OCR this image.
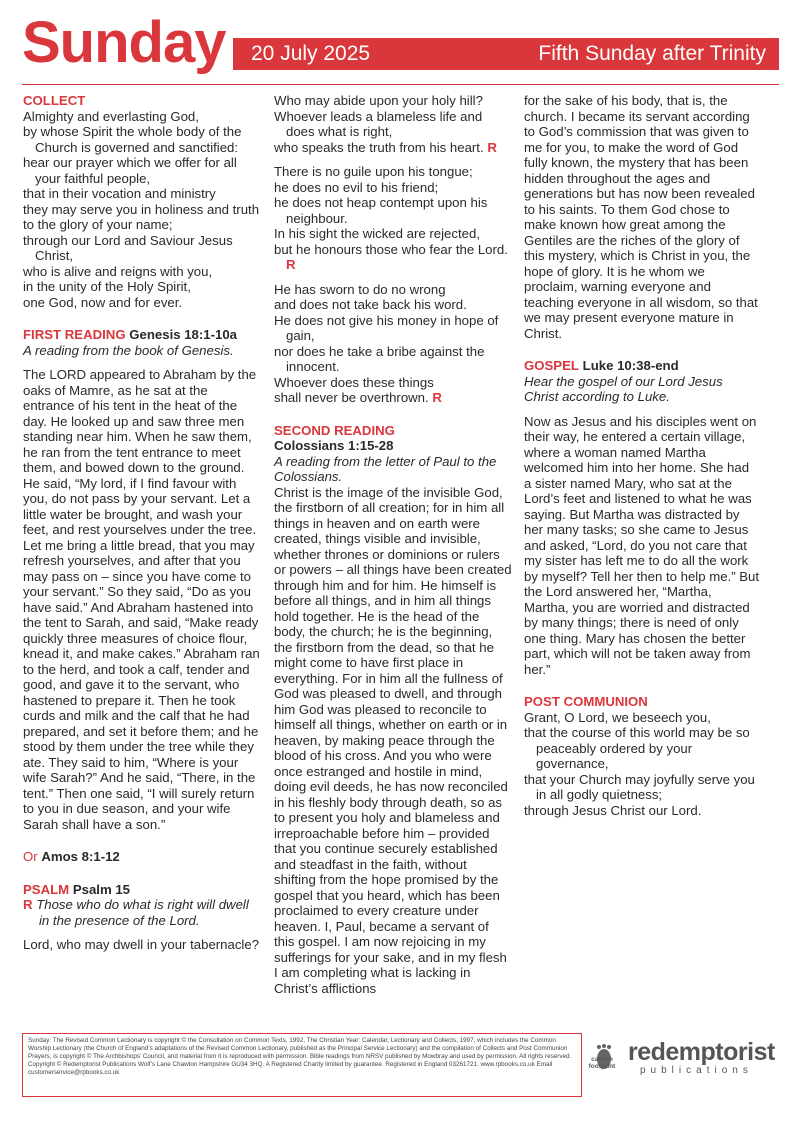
Sunday 20 July 2025	Fifth Sunday after Trinity
COLLECT
Almighty and everlasting God,
by whose Spirit the whole body of the Church is governed and sanctified:
hear our prayer which we offer for all your faithful people,
that in their vocation and ministry
they may serve you in holiness and truth
to the glory of your name;
through our Lord and Saviour Jesus Christ,
who is alive and reigns with you,
in the unity of the Holy Spirit,
one God, now and for ever.
FIRST READING Genesis 18:1-10a
A reading from the book of Genesis.
The LORD appeared to Abraham by the oaks of Mamre, as he sat at the entrance of his tent in the heat of the day. He looked up and saw three men standing near him. When he saw them, he ran from the tent entrance to meet them, and bowed down to the ground. He said, “My lord, if I find favour with you, do not pass by your servant. Let a little water be brought, and wash your feet, and rest yourselves under the tree. Let me bring a little bread, that you may refresh yourselves, and after that you may pass on – since you have come to your servant.” So they said, “Do as you have said.” And Abraham hastened into the tent to Sarah, and said, “Make ready quickly three measures of choice flour, knead it, and make cakes.” Abraham ran to the herd, and took a calf, tender and good, and gave it to the servant, who hastened to prepare it. Then he took curds and milk and the calf that he had prepared, and set it before them; and he stood by them under the tree while they ate. They said to him, “Where is your wife Sarah?” And he said, “There, in the tent.” Then one said, “I will surely return to you in due season, and your wife Sarah shall have a son.”
Or Amos 8:1-12
PSALM Psalm 15
R Those who do what is right will dwell in the presence of the Lord.
Lord, who may dwell in your tabernacle?
Who may abide upon your holy hill?
Whoever leads a blameless life and does what is right,
who speaks the truth from his heart. R
There is no guile upon his tongue;
he does no evil to his friend;
he does not heap contempt upon his neighbour.
In his sight the wicked are rejected,
but he honours those who fear the Lord. R
He has sworn to do no wrong
and does not take back his word.
He does not give his money in hope of gain,
nor does he take a bribe against the innocent.
Whoever does these things
shall never be overthrown. R
SECOND READING
Colossians 1:15-28
A reading from the letter of Paul to the Colossians.
Christ is the image of the invisible God, the firstborn of all creation; for in him all things in heaven and on earth were created, things visible and invisible, whether thrones or dominions or rulers or powers – all things have been created through him and for him. He himself is before all things, and in him all things hold together. He is the head of the body, the church; he is the beginning, the firstborn from the dead, so that he might come to have first place in everything. For in him all the fullness of God was pleased to dwell, and through him God was pleased to reconcile to himself all things, whether on earth or in heaven, by making peace through the blood of his cross. And you who were once estranged and hostile in mind, doing evil deeds, he has now reconciled in his fleshly body through death, so as to present you holy and blameless and irreproachable before him – provided that you continue securely established and steadfast in the faith, without shifting from the hope promised by the gospel that you heard, which has been proclaimed to every creature under heaven. I, Paul, became a servant of this gospel. I am now rejoicing in my sufferings for your sake, and in my flesh I am completing what is lacking in Christ’s afflictions
for the sake of his body, that is, the church. I became its servant according to God’s commission that was given to me for you, to make the word of God fully known, the mystery that has been hidden throughout the ages and generations but has now been revealed to his saints. To them God chose to make known how great among the Gentiles are the riches of the glory of this mystery, which is Christ in you, the hope of glory. It is he whom we proclaim, warning everyone and teaching everyone in all wisdom, so that we may present everyone mature in Christ.
GOSPEL Luke 10:38-end
Hear the gospel of our Lord Jesus Christ according to Luke.
Now as Jesus and his disciples went on their way, he entered a certain village, where a woman named Martha welcomed him into her home. She had a sister named Mary, who sat at the Lord’s feet and listened to what he was saying. But Martha was distracted by her many tasks; so she came to Jesus and asked, “Lord, do you not care that my sister has left me to do all the work by myself? Tell her then to help me.” But the Lord answered her, “Martha, Martha, you are worried and distracted by many things; there is need of only one thing. Mary has chosen the better part, which will not be taken away from her.”
POST COMMUNION
Grant, O Lord, we beseech you,
that the course of this world may be so peaceably ordered by your governance,
that your Church may joyfully serve you in all godly quietness;
through Jesus Christ our Lord.
Sunday: The Revised Common Lectionary is copyright © the Consultation on Common Texts, 1992. The Christian Year: Calendar, Lectionary and Collects, 1997, which includes the Common Worship Lectionary (the Church of England’s adaptations of the Revised Common Lectionary, published as the Principal Service Lectionary) and the compilation of Collects and Post Communion Prayers, is copyright © The Archbishops’ Council, and material from it is reproduced with permission. Bible readings from NRSV published by Mowbray and used by permission. All rights reserved. Copyright © Redemptorist Publications Wolf’s Lane Chawton Hampshire GU34 3HQ. A Registered Charity limited by guarantee. Registered in England 03261721. www.rpbooks.co.uk Email customerservice@rpbooks.co.uk
carbon footprint
redemptorist
publications
